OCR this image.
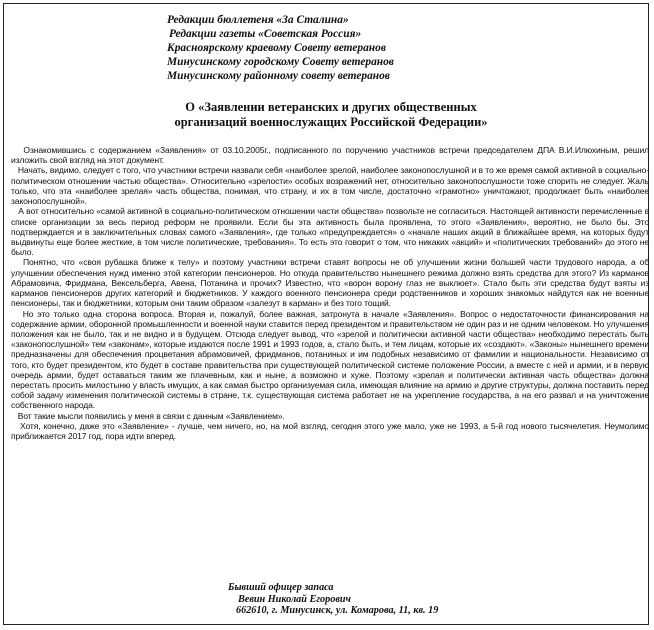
Редакции бюллетеня «За Сталина»
Редакции газеты «Советская Россия»
Красноярскому краевому Совету ветеранов
Минусинскому городскому Совету ветеранов
Минусинскому районному совету ветеранов
О «Заявлении ветеранских и других общественных
организаций военнослужащих Российской Федерации»

Ознакомившись с содержанием «Заявления» от 03.10.2005г., подписанного по поручению участников встречи председателем ДПА В.И.Илюхиным, решил изложить свой взгляд на этот документ.

Начать, видимо, следует с того, что участники встречи назвали себя «наиболее зрелой, наиболее законопослушной и в то же время самой активной в социально-политическом отношении частью общества». Относительно «зрелости» особых возражений нет, относительно законопослушности тоже спорить не следует. Жаль только, что эта «наиболее зрелая» часть общества, понимая, что страну, и их в том числе, достаточно «грамотно» уничтожают, продолжает быть «наиболее законопослушной».

А вот относительно «самой активной в социально-политическом отношении части общества» позвольте не согласиться. Настоящей активности перечисленные в списке организации за весь период реформ не проявили. Если бы эта активность была проявлена, то этого «Заявления», вероятно, не было бы. Это подтверждается и в заключительных словах самого «Заявления», где только «предупреждается» о «начале наших акций в ближайшее время, на которых будут выдвинуты еще более жесткие, в том числе политические, требования». То есть это говорит о том, что никаких «акций» и «политических требований» до этого не было.

Понятно, что «своя рубашка ближе к телу» и поэтому участники встречи ставят вопросы не об улучшении жизни большей части трудового народа, а об улучшении обеспечения нужд именно этой категории пенсионеров. Но откуда правительство нынешнего режима должно взять средства для этого? Из карманов Абрамовича, Фридмана, Вексельберга, Авена, Потанина и прочих? Известно, что «ворон ворону глаз не выклюет». Стало быть эти средства будут взяты из карманов пенсионеров других категорий и бюджетников. У каждого военного пенсионера среди родственников и хороших знакомых найдутся как не военные пенсионеры, так и бюджетники, которым они таким образом «залезут в карман» и без того тощий.

Но это только одна сторона вопроса. Вторая и, пожалуй, более важная, затронута в начале «Заявления». Вопрос о недостаточности финансирования на содержание армии, оборонной промышленности и военной науки ставится перед президентом и правительством не один раз и не одним человеком. Но улучшения положения как не было, так и не видно и в будущем. Отсюда следует вывод, что «зрелой и политически активной части общества» необходимо перестать быть «законопослушной» тем «законам», которые издаются после 1991 и 1993 годов, а, стало быть, и тем лицам, которые их «создают». «Законы» нынешнего времени предназначены для обеспечения процветания абрамовичей, фридманов, потаниных и им подобных независимо от фамилии и национальности. Независимо от того, кто будет президентом, кто будет в составе правительства при существующей политической системе положение России, а вместе с ней и армии, и в первую очередь армии, будет оставаться таким же плачевным, как и ныне, а возможно и хуже. Поэтому «зрелая и политически активная часть общества» должна перестать просить милостыню у власть имущих, а как самая быстро организуемая сила, имеющая влияние на армию и другие структуры, должна поставить перед собой задачу изменения политической системы в стране, т.к. существующая система работает не на укрепление государства, а на его развал и на уничтожение собственного народа.

Вот такие мысли появились у меня в связи с данным «Заявлением».

Хотя, конечно, даже это «Заявление» - лучше, чем ничего, но, на мой взгляд, сегодня этого уже мало, уже не 1993, а 5-й год нового тысячелетия. Неумолимо приближается 2017 год, пора идти вперед.

Бывший офицер запаса
Вевин Николай Егорович
662610, г. Минусинск, ул. Комарова, 11, кв. 19
